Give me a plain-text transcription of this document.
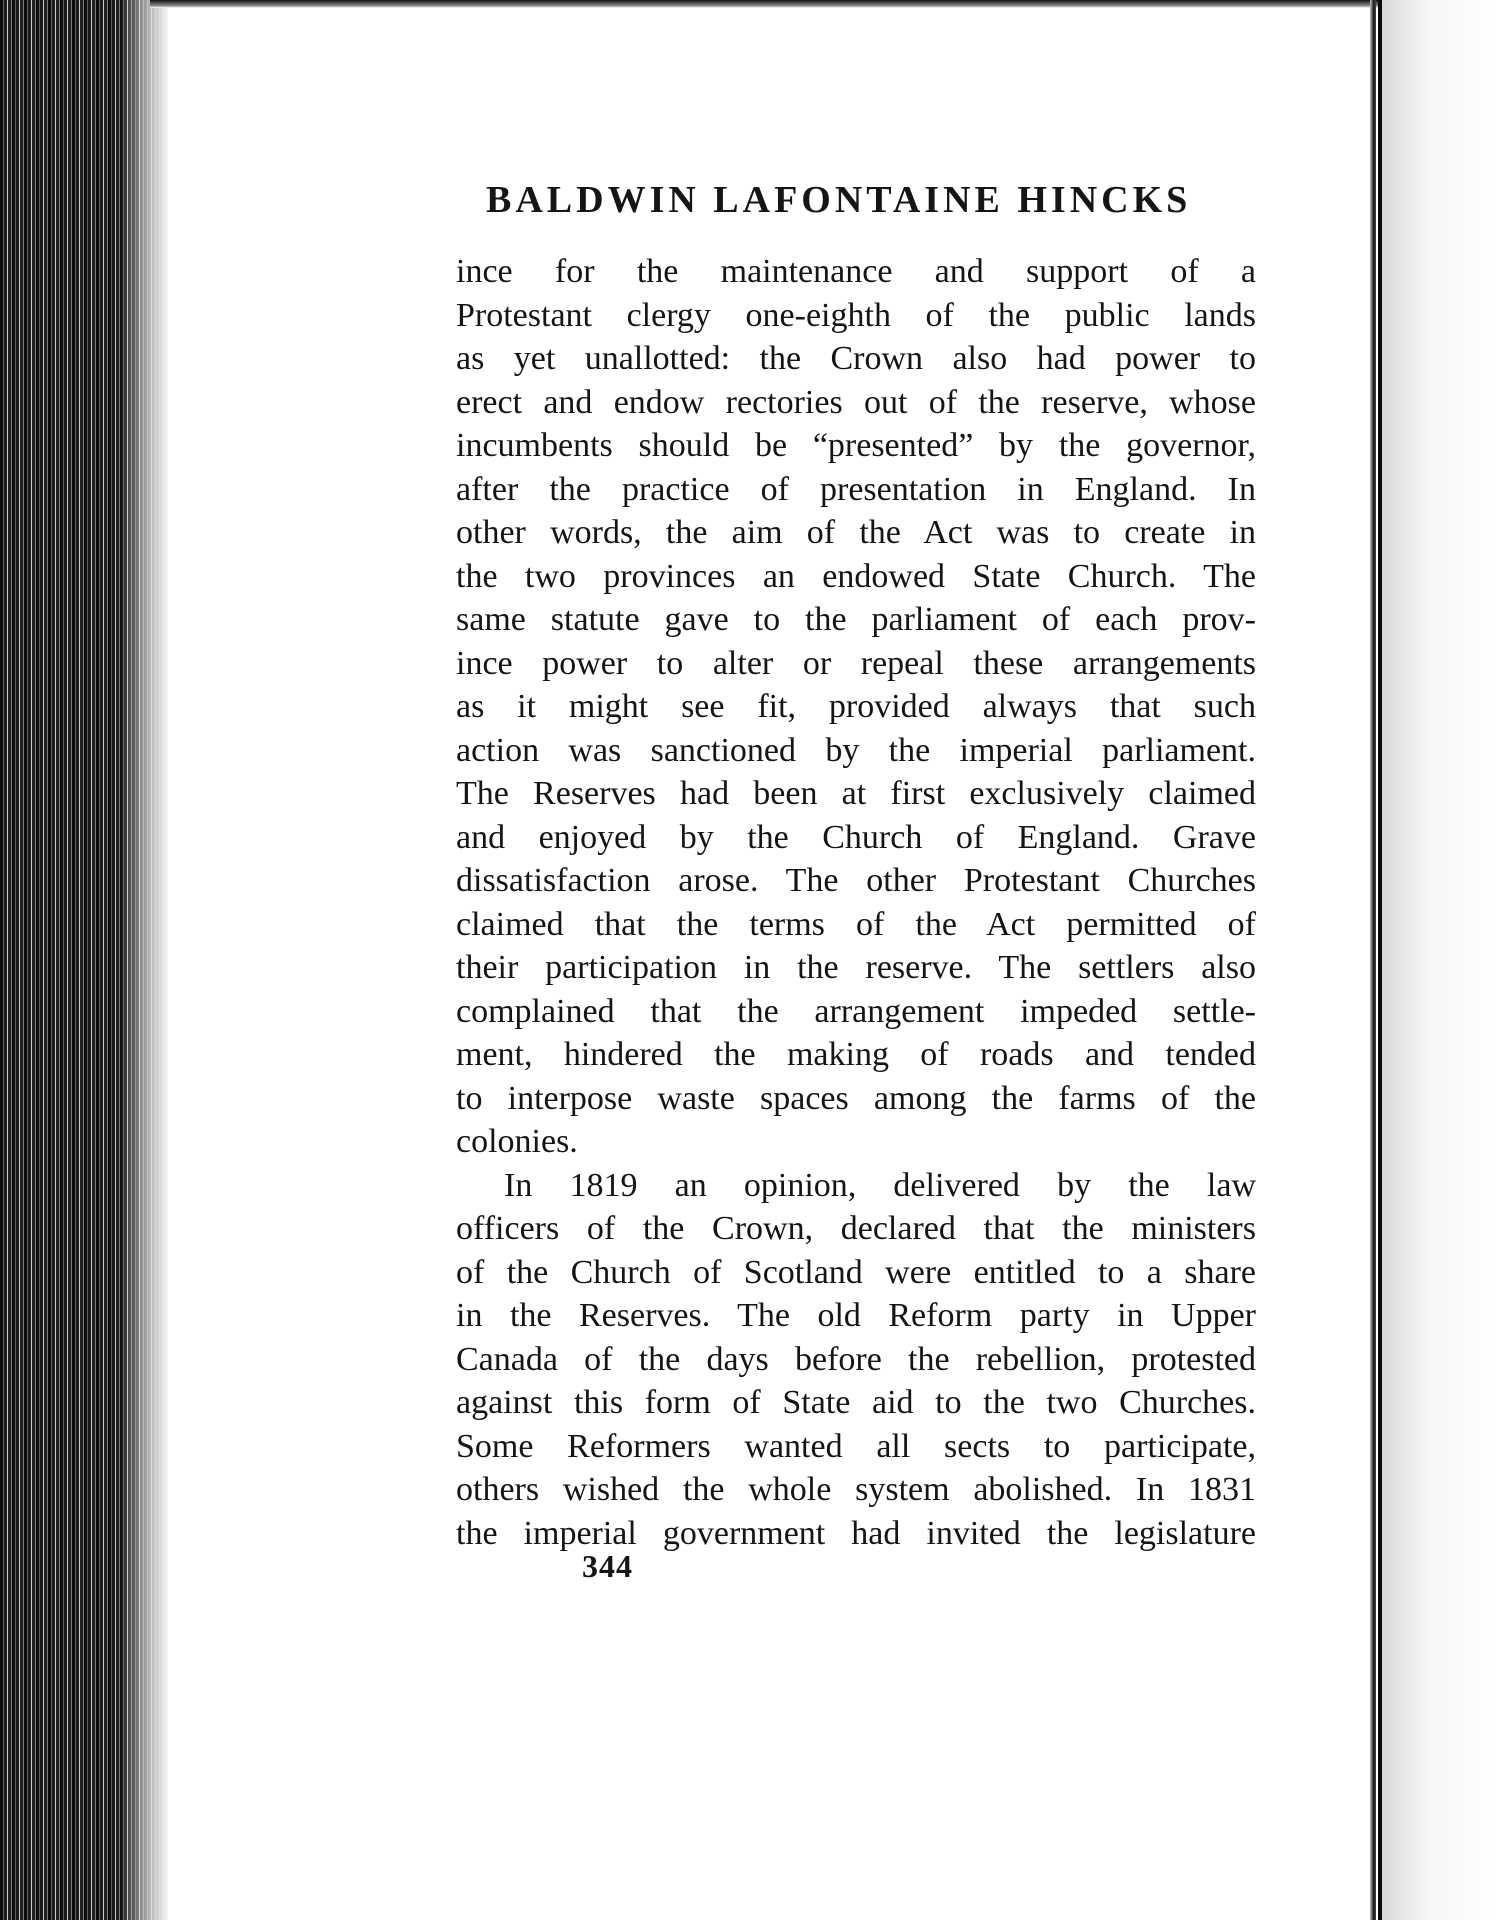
BALDWIN LAFONTAINE HINCKS
ince for the maintenance and support of a
Protestant clergy one-eighth of the public lands
as yet unallotted: the Crown also had power to
erect and endow rectories out of the reserve, whose
incumbents should be “presented” by the governor,
after the practice of presentation in England. In
other words, the aim of the Act was to create in
the two provinces an endowed State Church. The
same statute gave to the parliament of each prov-
ince power to alter or repeal these arrangements
as it might see fit, provided always that such
action was sanctioned by the imperial parliament.
The Reserves had been at first exclusively claimed
and enjoyed by the Church of England. Grave
dissatisfaction arose. The other Protestant Churches
claimed that the terms of the Act permitted of
their participation in the reserve. The settlers also
complained that the arrangement impeded settle-
ment, hindered the making of roads and tended
to interpose waste spaces among the farms of the
colonies.
In 1819 an opinion, delivered by the law
officers of the Crown, declared that the ministers
of the Church of Scotland were entitled to a share
in the Reserves. The old Reform party in Upper
Canada of the days before the rebellion, protested
against this form of State aid to the two Churches.
Some Reformers wanted all sects to participate,
others wished the whole system abolished. In 1831
the imperial government had invited the legislature

344
